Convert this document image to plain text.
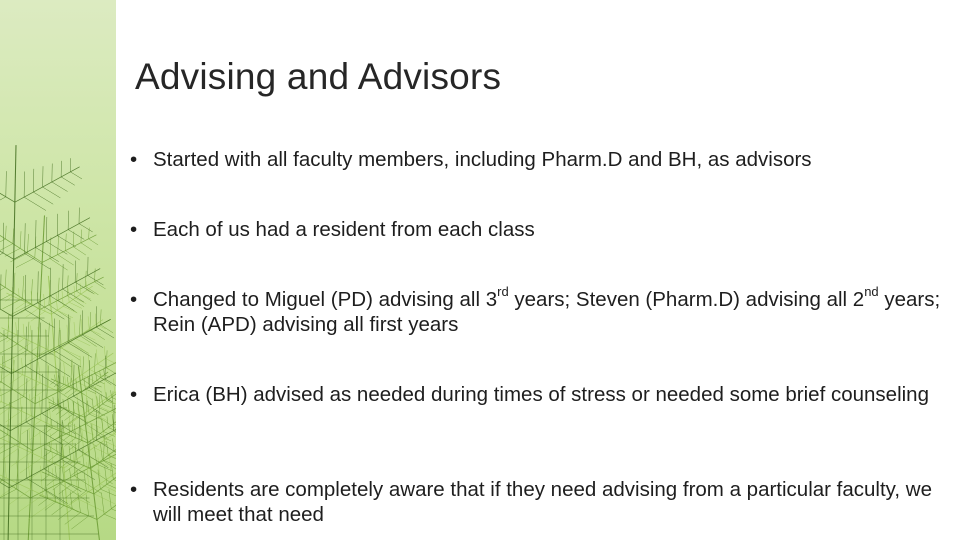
Advising and Advisors
• Started with all faculty members, including Pharm.D and BH, as advisors
• Each of us had a resident from each class
• Changed to Miguel (PD) advising all 3rd years; Steven (Pharm.D) advising all 2nd years; Rein (APD) advising all first years
• Erica (BH) advised as needed during times of stress or needed some brief counseling
• Residents are completely aware that if they need advising from a particular faculty, we will meet that need
